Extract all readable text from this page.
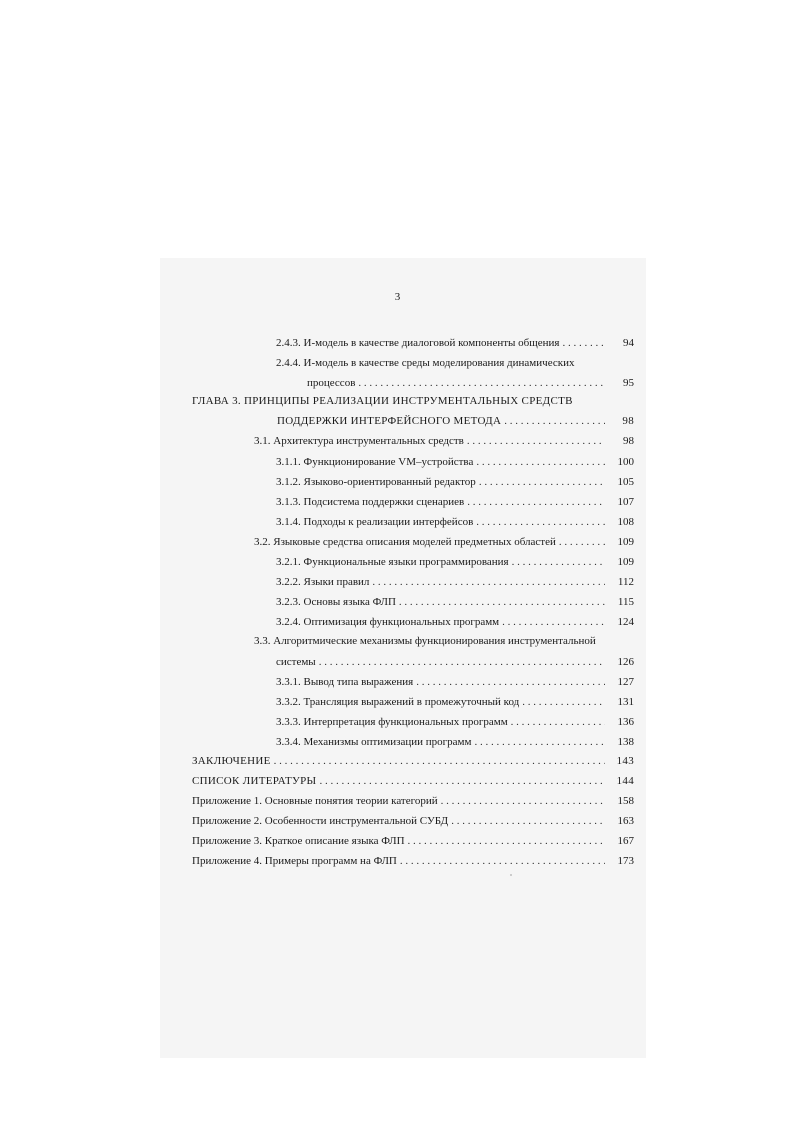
3
2.4.3. И-модель в качестве диалоговой компоненты общения . . .	94
2.4.4. И-модель в качестве среды моделирования динамических
процессов . . .	95
ГЛАВА 3. ПРИНЦИПЫ РЕАЛИЗАЦИИ ИНСТРУМЕНТАЛЬНЫХ СРЕДСТВ
ПОДДЕРЖКИ ИНТЕРФЕЙСНОГО МЕТОДА . . .	98
3.1. Архитектура инструментальных средств . . .	98
3.1.1. Функционирование VM–устройства . . .	100
3.1.2. Языково-ориентированный редактор . . .	105
3.1.3. Подсистема поддержки сценариев . . .	107
3.1.4. Подходы к реализации интерфейсов . . .	108
3.2. Языковые средства описания моделей предметных областей . . .	109
3.2.1. Функциональные языки программирования . . .	109
3.2.2. Языки правил . . .	112
3.2.3. Основы языка ФЛП . . .	115
3.2.4. Оптимизация функциональных программ . . .	124
3.3. Алгоритмические механизмы функционирования инструментальной
системы . . .	126
3.3.1. Вывод типа выражения . . .	127
3.3.2. Трансляция выражений в промежуточный код . . .	131
3.3.3. Интерпретация функциональных программ . . .	136
3.3.4. Механизмы оптимизации программ . . .	138
ЗАКЛЮЧЕНИЕ . . .	143
СПИСОК ЛИТЕРАТУРЫ . . .	144
Приложение 1. Основные понятия теории категорий . . .	158
Приложение 2. Особенности инструментальной СУБД . . .	163
Приложение 3. Краткое описание языка ФЛП . . .	167
Приложение 4. Примеры программ на ФЛП . . .	173
